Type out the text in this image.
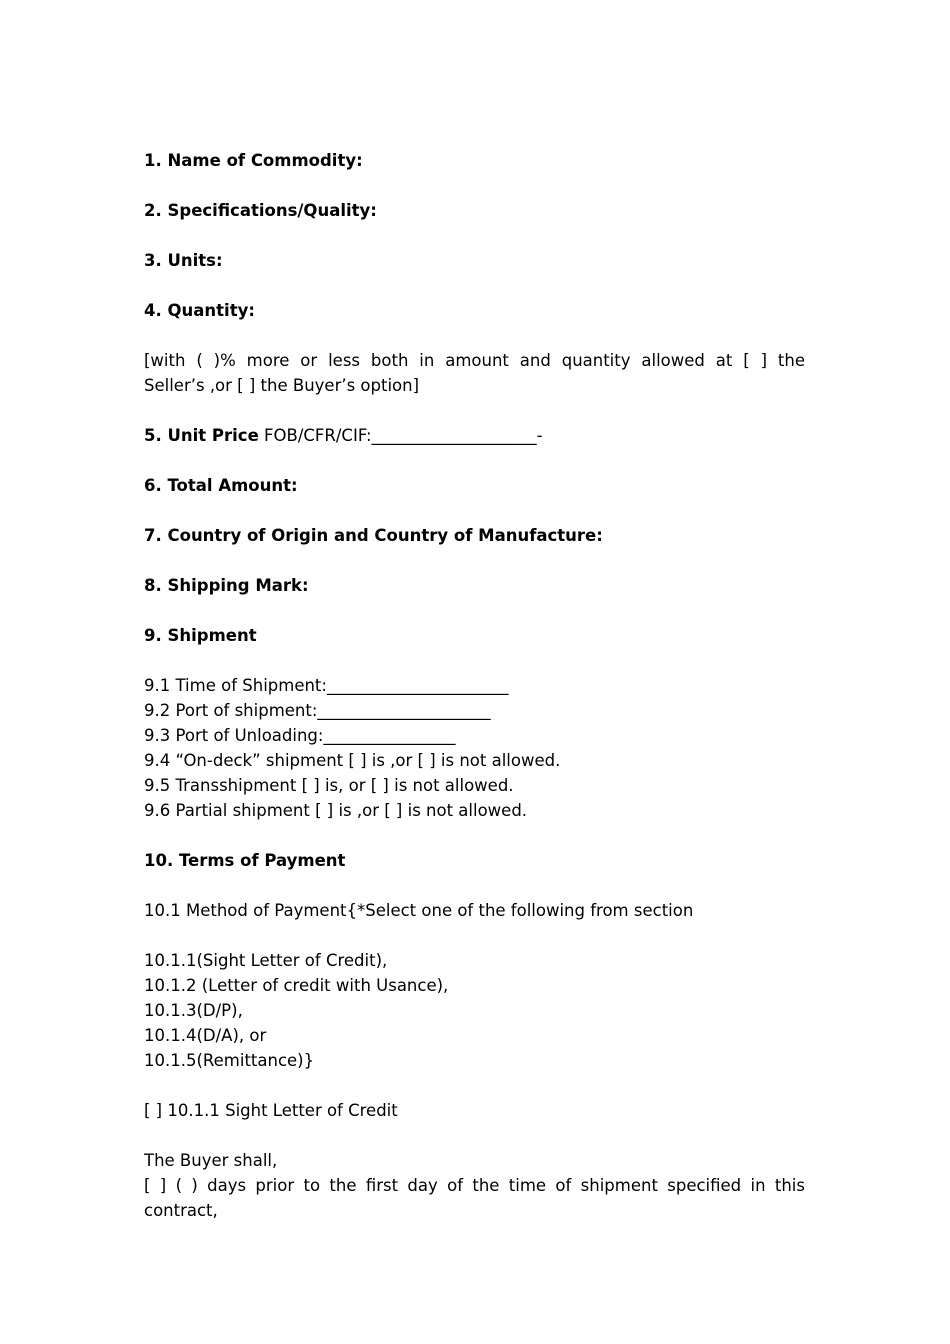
1. Name of Commodity:
2. Specifications/Quality:
3. Units:
4. Quantity:
[with ( )% more or less both in amount and quantity allowed at [ ] the
Seller’s ,or [ ] the Buyer’s option]
5. Unit Price FOB/CFR/CIF:____________________-
6. Total Amount:
7. Country of Origin and Country of Manufacture:
8. Shipping Mark:
9. Shipment
9.1 Time of Shipment:______________________
9.2 Port of shipment:_____________________
9.3 Port of Unloading:________________
9.4 “On-deck” shipment [ ] is ,or [ ] is not allowed.
9.5 Transshipment [ ] is, or [ ] is not allowed.
9.6 Partial shipment [ ] is ,or [ ] is not allowed.
10. Terms of Payment
10.1 Method of Payment{*Select one of the following from section
10.1.1(Sight Letter of Credit),
10.1.2 (Letter of credit with Usance),
10.1.3(D/P),
10.1.4(D/A), or
10.1.5(Remittance)}
[ ] 10.1.1 Sight Letter of Credit
The Buyer shall,
[ ] ( ) days prior to the first day of the time of shipment specified in this
contract,
